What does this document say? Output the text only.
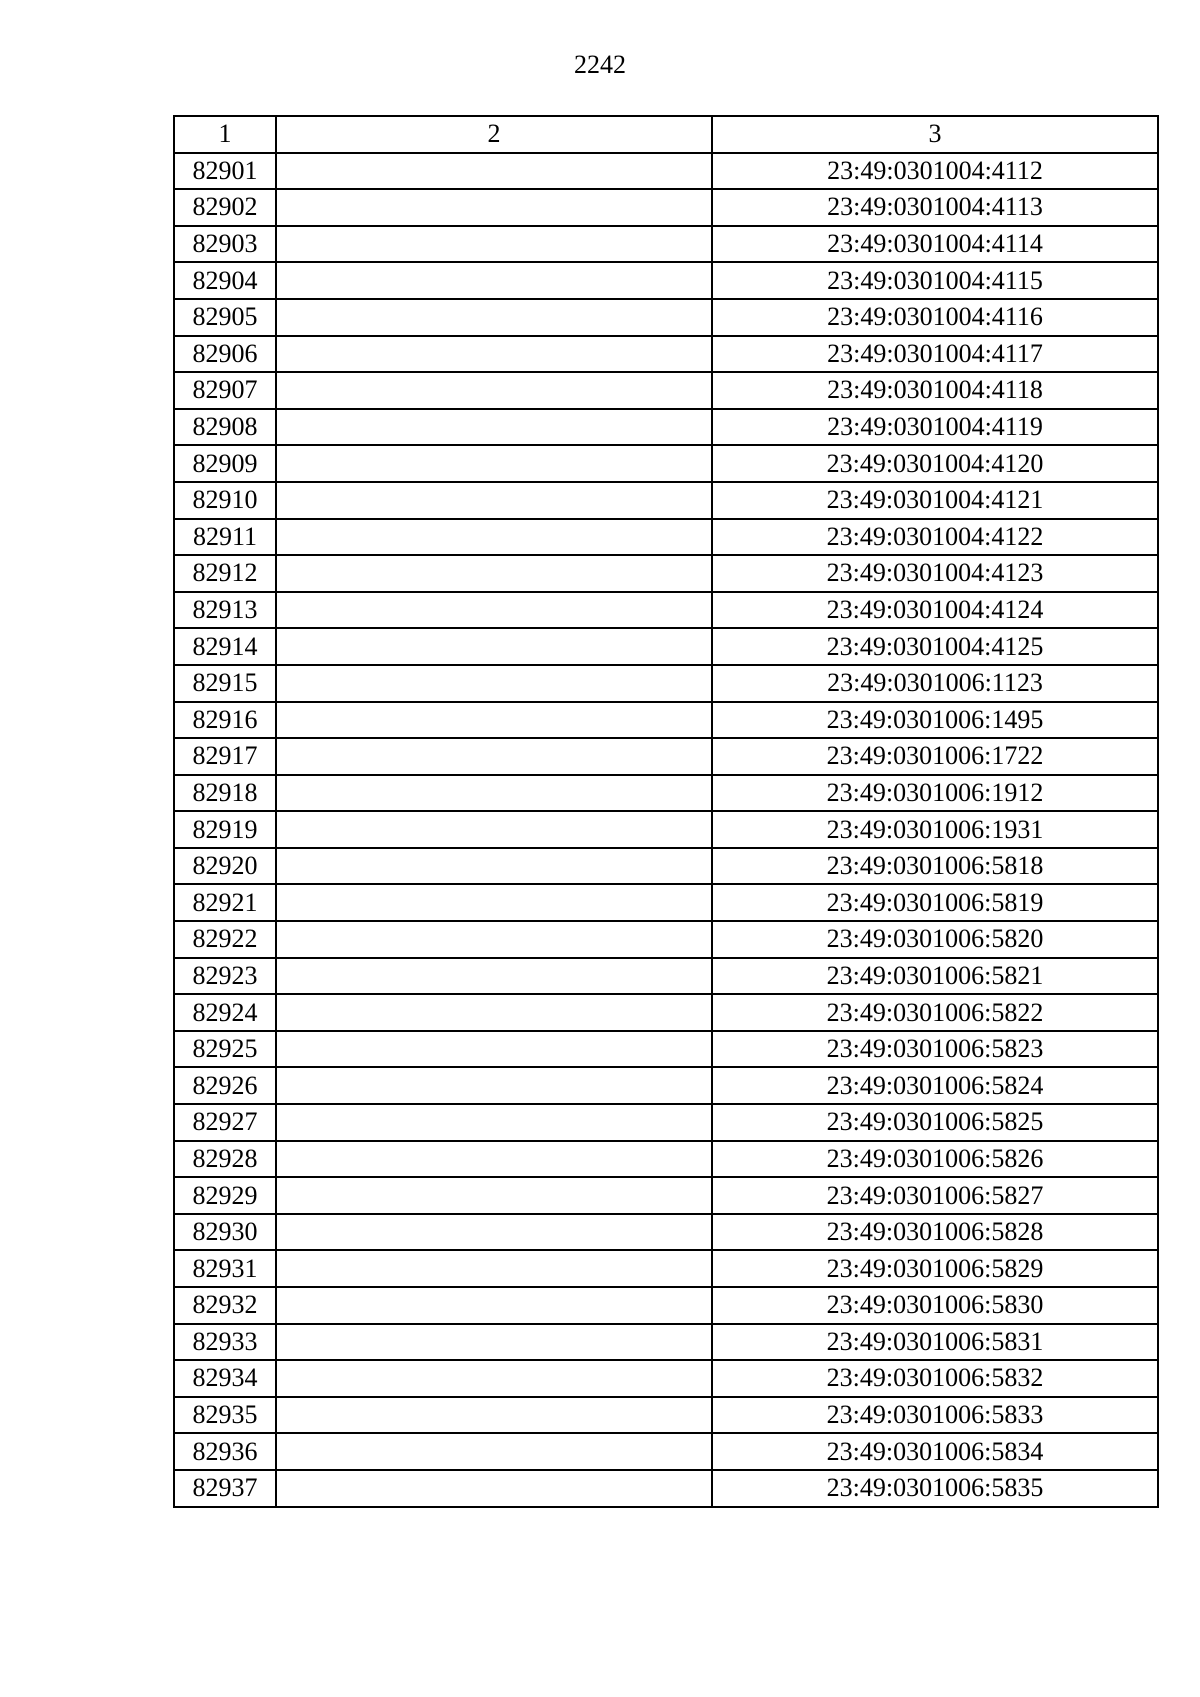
2242
1	2	3
82901		23:49:0301004:4112
82902		23:49:0301004:4113
82903		23:49:0301004:4114
82904		23:49:0301004:4115
82905		23:49:0301004:4116
82906		23:49:0301004:4117
82907		23:49:0301004:4118
82908		23:49:0301004:4119
82909		23:49:0301004:4120
82910		23:49:0301004:4121
82911		23:49:0301004:4122
82912		23:49:0301004:4123
82913		23:49:0301004:4124
82914		23:49:0301004:4125
82915		23:49:0301006:1123
82916		23:49:0301006:1495
82917		23:49:0301006:1722
82918		23:49:0301006:1912
82919		23:49:0301006:1931
82920		23:49:0301006:5818
82921		23:49:0301006:5819
82922		23:49:0301006:5820
82923		23:49:0301006:5821
82924		23:49:0301006:5822
82925		23:49:0301006:5823
82926		23:49:0301006:5824
82927		23:49:0301006:5825
82928		23:49:0301006:5826
82929		23:49:0301006:5827
82930		23:49:0301006:5828
82931		23:49:0301006:5829
82932		23:49:0301006:5830
82933		23:49:0301006:5831
82934		23:49:0301006:5832
82935		23:49:0301006:5833
82936		23:49:0301006:5834
82937		23:49:0301006:5835
